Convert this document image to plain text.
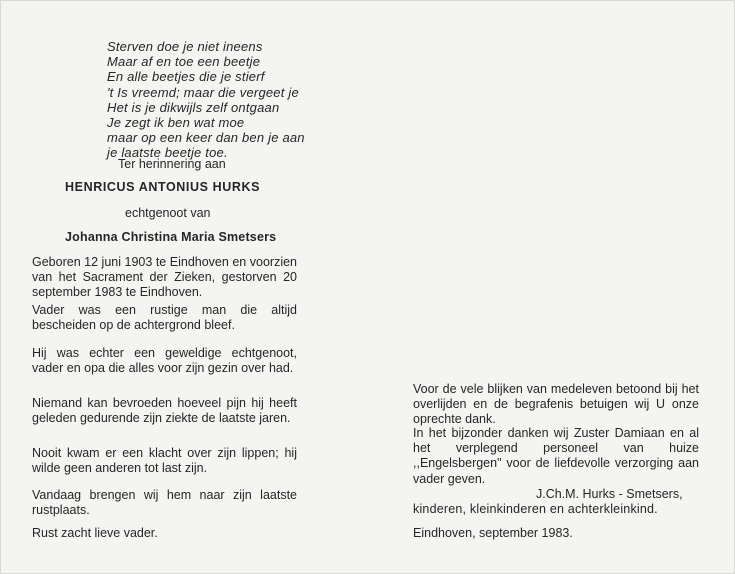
Sterven doe je niet ineens
Maar af en toe een beetje
En alle beetjes die je stierf
't Is vreemd; maar die vergeet je
Het is je dikwijls zelf ontgaan
Je zegt ik ben wat moe
maar op een keer dan ben je aan
je laatste beetje toe.
Ter herinnering aan
HENRICUS ANTONIUS HURKS
echtgenoot van
Johanna Christina Maria Smetsers
Geboren 12 juni 1903 te Eindhoven en voorzien van het Sacrament der Zieken, gestorven 20 september 1983 te Eindhoven.
Vader was een rustige man die altijd bescheiden op de achtergrond bleef.
Hij was echter een geweldige echtgenoot, vader en opa die alles voor zijn gezin over had.
Niemand kan bevroeden hoeveel pijn hij heeft geleden gedurende zijn ziekte de laatste jaren.
Nooit kwam er een klacht over zijn lippen; hij wilde geen anderen tot last zijn.
Vandaag brengen wij hem naar zijn laatste rustplaats.
Rust zacht lieve vader.
Voor de vele blijken van medeleven betoond bij het overlijden en de begrafenis betuigen wij U onze oprechte dank.
In het bijzonder danken wij Zuster Damiaan en al het verplegend personeel van huize ,,Engelsbergen" voor de liefdevolle verzorging aan vader geven.
J.Ch.M. Hurks - Smetsers,
kinderen, kleinkinderen en achterkleinkind.
Eindhoven, september 1983.
